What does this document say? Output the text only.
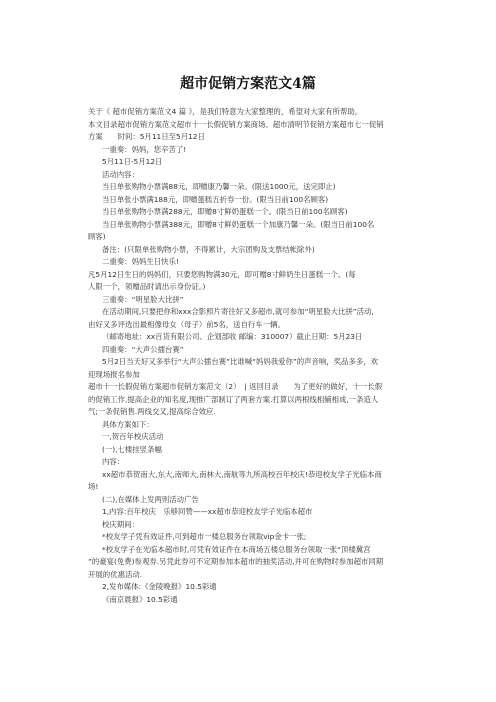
超市促销方案范文4篇

关于《 超市促销方案范文4 篇 》，是我们特意为大家整理的，希望对大家有所帮助。

本文目录超市促销方案范文超市十一长假促销方案商场、超市清明节促销方案超市七一促销

方案　　时间：5月11日至5月12日

一重奏：妈妈，您辛苦了!

5月11日-5月12日

活动内容：

当日单张购物小票满88元，即赠康乃馨一朵。(限送1000元，送完即止)

当日单张小票满188元，即赠蛋糕五折券一份。(限当日前100名顾客)

当日单张购物小票满288元，即赠8寸鲜奶蛋糕一个。(限当日前100名顾客)

当日单张购物小票满388元，即赠8寸鲜奶蛋糕一个加康乃馨一朵。(限当日前100名

顾客)

备注：(只限单张购物小票，不得累计，大宗团购及支票结帐除外)

二重奏：妈妈生日快乐!

凡5月12日生日的妈妈们，只要您购物满30元，即可赠8寸鲜奶生日蛋糕一个。(每

人限一个，领赠品时请出示身份证。)

三重奏：“明星脸大比拼”

在活动期间,只要把你和xxx合影照片寄往好又多超市,就可参加“明星脸大比拼”活动,

由好又多评选出最相像母女（母子）前5名，送自行车一辆。

（邮寄地址：xx百货有限公司、企划部收 邮编：310007）截止日期：5月23日

四重奏：“大声公擂台赛”

5月2日当天好又多举行“大声公擂台赛”比谁喊“妈妈我爱你”的声音响，奖品多多，欢

迎现场报名参加

超市十一长假促销方案超市促销方案范文（2）　| 返回目录　　为了更好的做好，十一长假

的促销工作,提高企业的知名度,现推广部制订了两套方案.打算以两根线相辅相成,一条造人

气;一条促销售.两线交叉,提高综合效应.

具体方案如下：

一,贺百年校庆活动

(一),七楼挂竖条幅

内容：

xx超市恭贺南大,东大,南师大,南林大,南航等九所高校百年校庆!恭迎校友学子光临本商

场!

(二),在媒体上发两则活动广告

1,内容:百年校庆　乐够同赞——xx超市恭迎校友学子光临本超市

校庆期间：

*校友学子凭有效证件,可到超市一楼总服务台领取vip金卡一张;

*校友学子在光临本超市时,可凭有效证件在本商场五楼总服务台领取一张“顶楼冀宫

”的豪宴(免费)参观券.另凭此券可不定期参加本超市的抽奖活动,并可在购物时参加超市同期

开展的优惠活动.

2,发布媒体:《金陵晚报》10.5彩通

《南京晨报》10.5彩通
